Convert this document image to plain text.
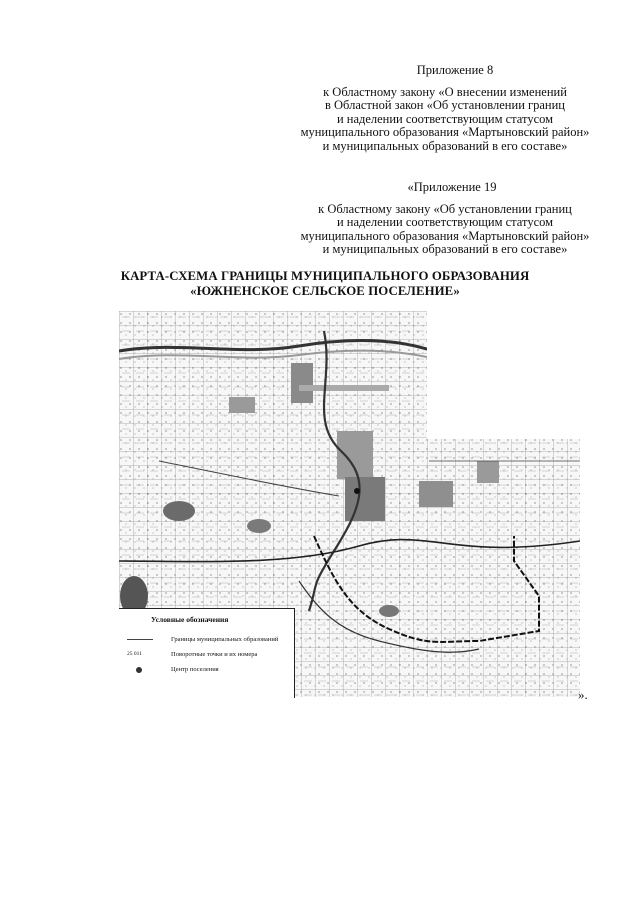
Приложение 8
к Областному закону «О внесении изменений
в Областной закон «Об установлении границ
и наделении соответствующим статусом
муниципального образования «Мартыновский район»
и муниципальных образований в его составе»
«Приложение 19
к Областному закону «Об установлении границ
и наделении соответствующим статусом
муниципального образования «Мартыновский район»
и муниципальных образований в его составе»
КАРТА-СХЕМА ГРАНИЦЫ МУНИЦИПАЛЬНОГО ОБРАЗОВАНИЯ
«ЮЖНЕНСКОЕ СЕЛЬСКОЕ ПОСЕЛЕНИЕ»
Условные обозначения
Границы муниципальных образований
25 011	Поворотные точки и их номера
Центр поселения
».
